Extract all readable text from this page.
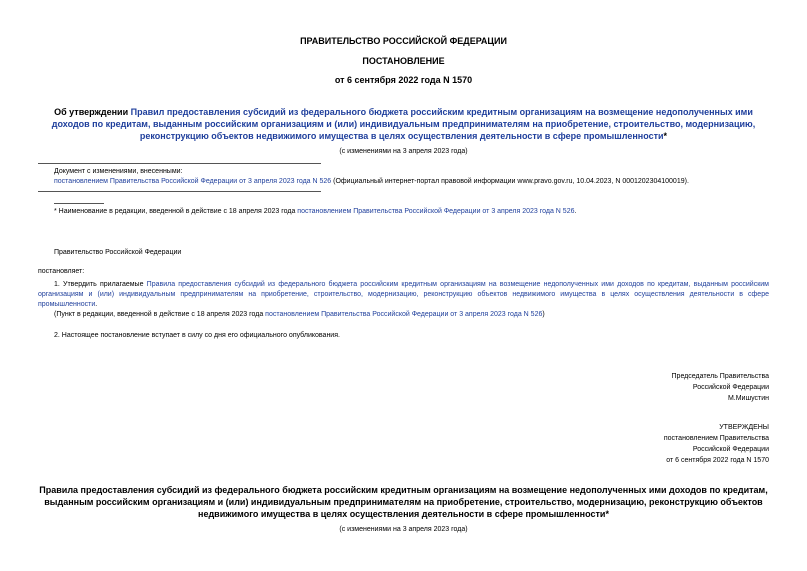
ПРАВИТЕЛЬСТВО РОССИЙСКОЙ ФЕДЕРАЦИИ
ПОСТАНОВЛЕНИЕ
от 6 сентября 2022 года N 1570
Об утверждении Правил предоставления субсидий из федерального бюджета российским кредитным организациям на возмещение недополученных ими доходов по кредитам, выданным российским организациям и (или) индивидуальным предпринимателям на приобретение, строительство, модернизацию, реконструкцию объектов недвижимого имущества в целях осуществления деятельности в сфере промышленности*
(с изменениями на 3 апреля 2023 года)
Документ с изменениями, внесенными:
постановлением Правительства Российской Федерации от 3 апреля 2023 года N 526 (Официальный интернет-портал правовой информации www.pravo.gov.ru, 10.04.2023, N 0001202304100019).
* Наименование в редакции, введенной в действие с 18 апреля 2023 года постановлением Правительства Российской Федерации от 3 апреля 2023 года N 526.
Правительство Российской Федерации
постановляет:
1. Утвердить прилагаемые Правила предоставления субсидий из федерального бюджета российским кредитным организациям на возмещение недополученных ими доходов по кредитам, выданным российским организациям и (или) индивидуальным предпринимателям на приобретение, строительство, модернизацию, реконструкцию объектов недвижимого имущества в целях осуществления деятельности в сфере промышленности.
(Пункт в редакции, введенной в действие с 18 апреля 2023 года постановлением Правительства Российской Федерации от 3 апреля 2023 года N 526)
2. Настоящее постановление вступает в силу со дня его официального опубликования.
Председатель Правительства
Российской Федерации
М.Мишустин
УТВЕРЖДЕНЫ
постановлением Правительства
Российской Федерации
от 6 сентября 2022 года N 1570
Правила предоставления субсидий из федерального бюджета российским кредитным организациям на возмещение недополученных ими доходов по кредитам, выданным российским организациям и (или) индивидуальным предпринимателям на приобретение, строительство, модернизацию, реконструкцию объектов недвижимого имущества в целях осуществления деятельности в сфере промышленности*
(с изменениями на 3 апреля 2023 года)
